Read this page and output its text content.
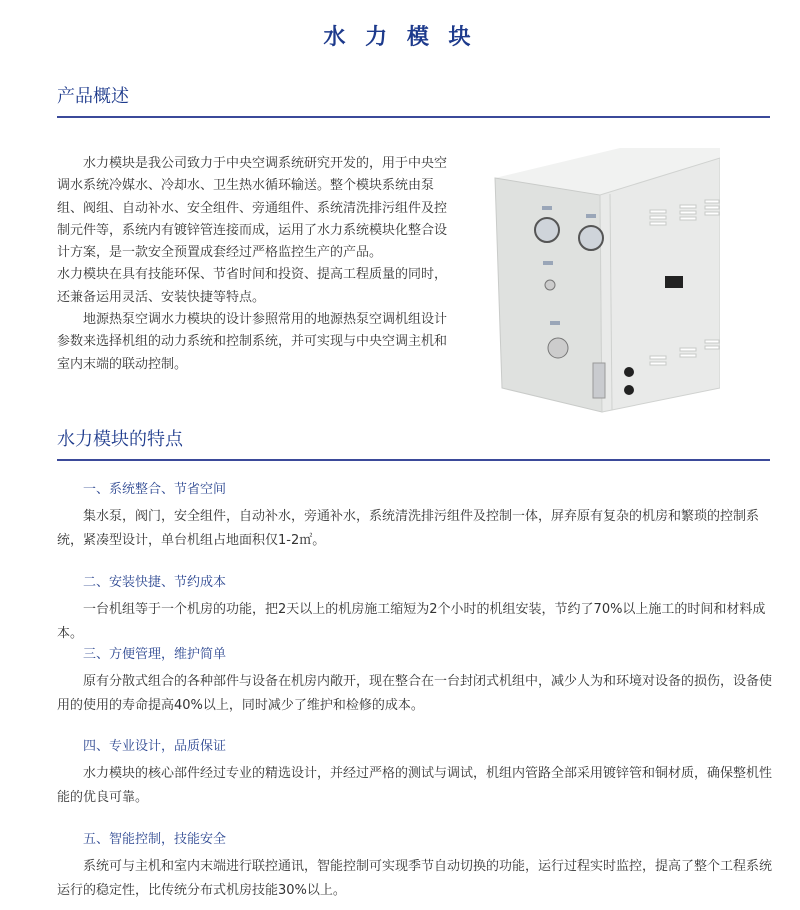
水 力 模 块
产品概述

水力模块是我公司致力于中央空调系统研究开发的，用于中央空调水系统冷媒水、冷却水、卫生热水循环输送。整个模块系统由泵组、阀组、自动补水、安全组件、旁通组件、系统清洗排污组件及控制元件等，系统内有镀锌管连接而成，运用了水力系统模块化整合设计方案，是一款安全预置成套经过严格监控生产的产品。

水力模块在具有技能环保、节省时间和投资、提高工程质量的同时，还兼备运用灵活、安装快捷等特点。

地源热泵空调水力模块的设计参照常用的地源热泵空调机组设计参数来选择机组的动力系统和控制系统，并可实现与中央空调主机和室内末端的联动控制。

水力模块的特点
一、系统整合、节省空间

集水泵，阀门，安全组件，自动补水，旁通补水，系统清洗排污组件及控制一体，屏弃原有复杂的机房和繁琐的控制系统，紧凑型设计，单台机组占地面积仅1-2㎡。

二、安装快捷、节约成本

一台机组等于一个机房的功能，把2天以上的机房施工缩短为2个小时的机组安装，节约了70%以上施工的时间和材料成本。

三、方便管理，维护简单

原有分散式组合的各种部件与设备在机房内敞开，现在整合在一台封闭式机组中，减少人为和环境对设备的损伤，设备使用的使用的寿命提高40%以上，同时减少了维护和检修的成本。

四、专业设计，品质保证

水力模块的核心部件经过专业的精选设计，并经过严格的测试与调试，机组内管路全部采用镀锌管和铜材质，确保整机性能的优良可靠。

五、智能控制，技能安全

系统可与主机和室内末端进行联控通讯，智能控制可实现季节自动切换的功能，运行过程实时监控，提高了整个工程系统运行的稳定性，比传统分布式机房技能30%以上。
